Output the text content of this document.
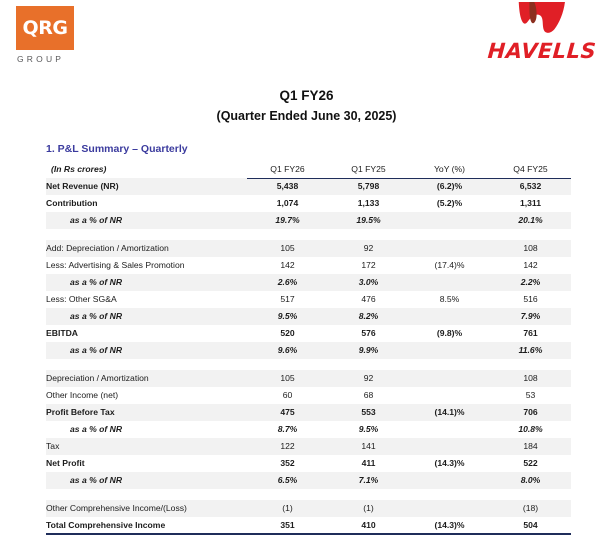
QRG
GROUP	HAVELLS
Q1 FY26
(Quarter Ended June 30, 2025)
1. P&L Summary – Quarterly
(In Rs crores)	Q1 FY26	Q1 FY25	YoY (%)	Q4 FY25
Net Revenue (NR)	5,438	5,798	(6.2)%	6,532
Contribution	1,074	1,133	(5.2)%	1,311
as a % of NR	19.7%	19.5%		20.1%

Add: Depreciation / Amortization	105	92		108
Less: Advertising & Sales Promotion	142	172	(17.4)%	142
as a % of NR	2.6%	3.0%		2.2%
Less: Other SG&A	517	476	8.5%	516
as a % of NR	9.5%	8.2%		7.9%
EBITDA	520	576	(9.8)%	761
as a % of NR	9.6%	9.9%		11.6%

Depreciation / Amortization	105	92		108
Other Income (net)	60	68		53
Profit Before Tax	475	553	(14.1)%	706
as a % of NR	8.7%	9.5%		10.8%
Tax	122	141		184
Net Profit	352	411	(14.3)%	522
as a % of NR	6.5%	7.1%		8.0%

Other Comprehensive Income/(Loss)	(1)	(1)		(18)
Total Comprehensive Income	351	410	(14.3)%	504
